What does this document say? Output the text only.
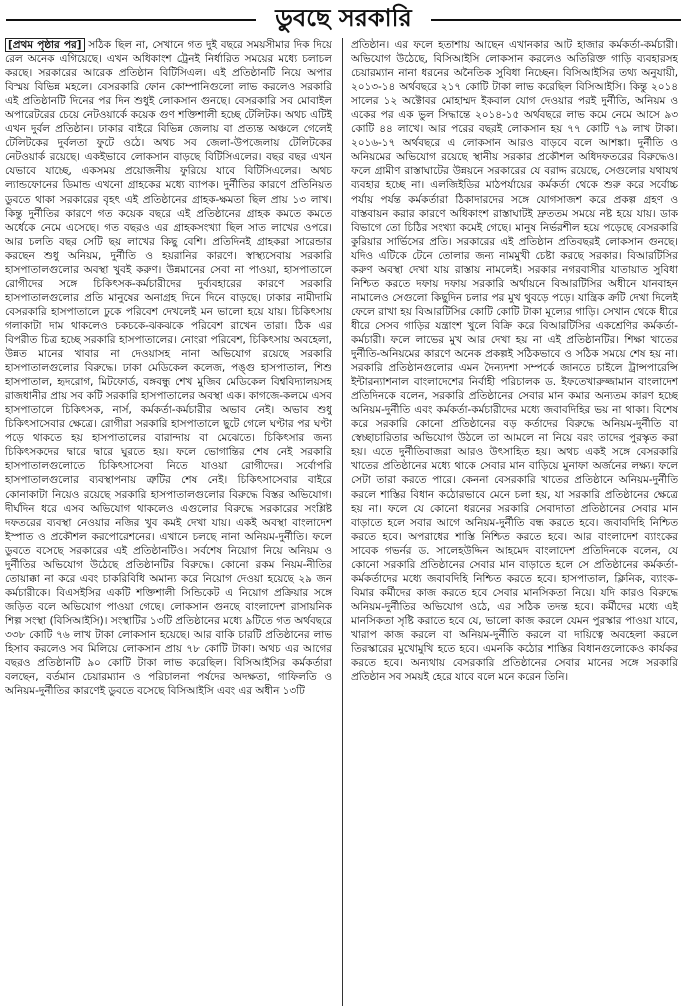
ডুবছে সরকারি

[প্রথম পৃষ্ঠার পর] সঠিক ছিল না, সেখানে গত দুই বছরে সময়সীমার দিক দিয়ে রেল অনেক এগিয়েছে। এখন অধিকাংশ ট্রেনই নির্ধারিত সময়ের মধ্যে চলাচল করছে। সরকারের আরেক প্রতিষ্ঠান বিটিসিএল। এই প্রতিষ্ঠানটি নিয়ে অপার বিস্ময় বিভিন্ন মহলে। বেসরকারি ফোন কোম্পানিগুলো লাভ করলেও সরকারি এই প্রতিষ্ঠানটি দিনের পর দিন শুধুই লোকসান গুনছে। বেসরকারি সব মোবাইল অপারেটরের চেয়ে নেটওয়ার্কে কয়েক গুণ শক্তিশালী হচ্ছে টেলিটক। অথচ এটিই এখন দুর্বল প্রতিষ্ঠান। ঢাকার বাইরে বিভিন্ন জেলায় বা প্রত্যন্ত অঞ্চলে গেলেই টেলিটকের দুর্বলতা ফুটে ওঠে। অথচ সব জেলা-উপজেলায় টেলিটকের নেটওয়ার্ক রয়েছে। একইভাবে লোকসান বাড়ছে বিটিসিএলের। বছর বছর এখন যেভাবে যাচ্ছে, একসময় প্রয়োজনীয় ফুরিয়ে যাবে বিটিসিএলের। অথচ ল্যান্ডফোনের ডিমান্ড এখনো গ্রাহকের মধ্যে ব্যাপক। দুর্নীতির কারণে প্রতিনিয়ত ডুবতে থাকা সরকারের বৃহৎ এই প্রতিষ্ঠানের গ্রাহক-ক্ষমতা ছিল প্রায় ১৩ লাখ। কিন্তু দুর্নীতির কারণে গত কয়েক বছরে এই প্রতিষ্ঠানের গ্রাহক কমতে কমতে অর্ধেকে নেমে এসেছে। গত বছরও এর গ্রাহকসংখ্যা ছিল সাত লাখের ওপরে। আর চলতি বছর সেটি ছয় লাখের কিছু বেশি। প্রতিদিনই গ্রাহকরা সারেন্ডার করছেন শুধু অনিয়ম, দুর্নীতি ও হয়রানির কারণে। স্বাস্থ্যসেবায় সরকারি হাসপাতালগুলোর অবস্থা খুবই করুণ। উন্নমানের সেবা না পাওয়া, হাসপাতালে রোগীদের সঙ্গে চিকিৎসক-কর্মচারীদের দুর্ব্যবহারের কারণে সরকারি হাসপাতালগুলোর প্রতি মানুষের অনাগ্রহ দিনে দিনে বাড়ছে। ঢাকার নামীদামি বেসরকারি হাসপাতালে ঢুকে পরিবেশ দেখলেই মন ভালো হয়ে যায়। চিকিৎসায় গলাকাটা দাম থাকলেও চকচকে-ঝকঝকে পরিবেশ রাখেন তারা। ঠিক এর বিপরীত চিত্র হচ্ছে সরকারি হাসপাতালের। নোংরা পরিবেশ, চিকিৎসায় অবহেলা, উন্নত মানের খাবার না দেওয়াসহ নানা অভিযোগ রয়েছে সরকারি হাসপাতালগুলোর বিরুদ্ধে। ঢাকা মেডিকেল কলেজ, পঙ্গু হাসপাতাল, শিশু হাসপাতাল, হৃদরোগ, মিটফোর্ড, বঙ্গবন্ধু শেখ মুজিব মেডিকেল বিশ্ববিদ্যালয়সহ রাজধানীর প্রায় সব কটি সরকারি হাসপাতালের অবস্থা এক। কাগজে-কলমে এসব হাসপাতালে চিকিৎসক, নার্স, কর্মকর্তা-কর্মচারীর অভাব নেই। অভাব শুধু চিকিৎসাসেবার ক্ষেত্রে। রোগীরা সরকারি হাসপাতালে ছুটে গেলে ঘণ্টার পর ঘণ্টা পড়ে থাকতে হয় হাসপাতালের বারান্দায় বা মেঝেতে। চিকিৎসার জন্য চিকিৎসকদের দ্বারে দ্বারে ঘুরতে হয়। ফলে ভোগান্তির শেষ নেই সরকারি হাসপাতালগুলোতে চিকিৎসাসেবা নিতে যাওয়া রোগীদের। সর্বোপরি হাসপাতালগুলোর ব্যবস্থাপনায় ত্রুটির শেষ নেই। চিকিৎসাসেবার বাইরে কোনাকাটা নিয়েও রয়েছে সরকারি হাসপাতালগুলোর বিরুদ্ধে বিস্তর অভিযোগ। দীর্ঘদিন ধরে এসব অভিযোগ থাকলেও এগুলোর বিরুদ্ধে সরকারের সংশ্লিষ্ট দফতরের ব্যবস্থা নেওয়ার নজির খুব কমই দেখা যায়। একই অবস্থা বাংলাদেশ ইস্পাত ও প্রকৌশল করপোরেশনের। এখানে চলছে নানা অনিয়ম-দুর্নীতি। ফলে ডুবতে বসেছে সরকারের এই প্রতিষ্ঠানটিও। সর্বশেষ নিয়োগ নিয়ে অনিয়ম ও দুর্নীতির অভিযোগ উঠেছে প্রতিষ্ঠানটির বিরুদ্ধে। কোনো রকম নিয়ম-নীতির তোয়াক্কা না করে এবং চাকরিবিধি অমান্য করে নিয়োগ দেওয়া হয়েছে ২৯ জন কর্মচারীকে। বিএসইসির একটি শক্তিশালী সিন্ডিকেট এ নিয়োগ প্রক্রিয়ার সঙ্গে জড়িত বলে অভিযোগ পাওয়া গেছে। লোকসান গুনছে বাংলাদেশ রাসায়নিক শিল্প সংস্থা (বিসিআইসি)। সংস্থাটির ১৩টি প্রতিষ্ঠানের মধ্যে ৯টিতে গত অর্থবছরে ৩৩৮ কোটি ৭৬ লাখ টাকা লোকসান হয়েছে। আর বাকি চারটি প্রতিষ্ঠানের লাভ হিসাব করলেও সব মিলিয়ে লোকসান প্রায় ৭৮ কোটি টাকা। অথচ এর আগের বছরও প্রতিষ্ঠানটি ৯০ কোটি টাকা লাভ করেছিল। বিসিআইসির কর্মকর্তারা বলছেন, বর্তমান চেয়ারম্যান ও পরিচালনা পর্ষদের অদক্ষতা, গাফিলতি ও অনিয়ম-দুর্নীতির কারণেই ডুবতে বসেছে বিসিআইসি এবং এর অধীন ১৩টি

প্রতিষ্ঠান। এর ফলে হতাশায় আছেন এখানকার আট হাজার কর্মকর্তা-কর্মচারী। অভিযোগ উঠেছে, বিসিআইসি লোকসান করলেও অতিরিক্ত গাড়ি ব্যবহারসহ চেয়ারম্যান নানা ধরনের অনৈতিক সুবিধা নিচ্ছেন। বিসিআইসির তথ্য অনুযায়ী, ২০১৩-১৪ অর্থবছরে ২১৭ কোটি টাকা লাভ করেছিল বিসিআইসি। কিন্তু ২০১৪ সালের ১২ অক্টোবর মোহাম্মদ ইকবাল যোগ দেওয়ার পরই দুর্নীতি, অনিয়ম ও একের পর এক ভুল সিদ্ধান্তে ২০১৪-১৫ অর্থবছরে লাভ কমে নেমে আসে ৯৩ কোটি ৪৪ লাখে। আর পরের বছরই লোকসান হয় ৭৭ কোটি ৭৯ লাখ টাকা। ২০১৬-১৭ অর্থবছরে এ লোকসান আরও বাড়বে বলে আশঙ্কা। দুর্নীতি ও অনিয়মের অভিযোগ রয়েছে স্থানীয় সরকার প্রকৌশল অধিদফতরের বিরুদ্ধেও। ফলে গ্রামীণ রাস্তাঘাটের উন্নয়নে সরকারের যে বরাদ্দ রয়েছে, সেগুলোর যথাযথ ব্যবহার হচ্ছে না। এলজিইডির মাঠপর্যায়ের কর্মকর্তা থেকে শুরু করে সর্বোচ্চ পর্যায় পর্যন্ত কর্মকর্তারা ঠিকাদারদের সঙ্গে যোগসাজশ করে প্রকল্প গ্রহণ ও বাস্তবায়ন করার কারণে অধিকাংশ রাস্তাঘাটই দ্রুততম সময়ে নষ্ট হয়ে যায়। ডাক বিভাগে তো চিঠির সংখ্যা কমেই গেছে। মানুষ নির্ভরশীল হয়ে পড়েছে বেসরকারি কুরিয়ার সার্ভিসের প্রতি। সরকারের এই প্রতিষ্ঠান প্রতিবছরই লোকসান গুনছে। যদিও এটিকে টেনে তোলার জন্য নামমুখী চেষ্টা করছে সরকার। বিআরটিসির করুণ অবস্থা দেখা যায় রাস্তায় নামলেই। সরকার নগরবাসীর যাতায়াত সুবিধা নিশ্চিত করতে দফায় দফায় সরকারি অর্থায়নে বিআরটিসির অধীনে যানবাহন নামালেও সেগুলো কিছুদিন চলার পর মুখ থুবড়ে পড়ে। যান্ত্রিক ক্রটি দেখা দিলেই ফেলে রাখা হয় বিআরটিসির কোটি কোটি টাকা মূল্যের গাড়ি। সেখান থেকে ধীরে ধীরে সেসব গাড়ির যন্ত্রাংশ খুলে বিক্রি করে বিআরটিসির একশ্রেণির কর্মকর্তা-কর্মচারী। ফলে লাভের মুখ আর দেখা হয় না এই প্রতিষ্ঠানটির। শিক্ষা খাতের দুর্নীতি-অনিয়মের কারণে অনেক প্রকল্পই সঠিকভাবে ও সঠিক সময়ে শেষ হয় না। সরকারি প্রতিষ্ঠানগুলোর এমন দৈন্যদশা সম্পর্কে জানতে চাইলে ট্রান্সপারেন্সি ইন্টারন্যাশনাল বাংলাদেশের নির্বাহী পরিচালক ড. ইফতেখারুজ্জামান বাংলাদেশ প্রতিদিনকে বলেন, সরকারি প্রতিষ্ঠানের সেবার মান কমার অন্যতম কারণ হচ্ছে অনিয়ম-দুর্নীতি এবং কর্মকর্তা-কর্মচারীদের মধ্যে জবাবদিহির ভয় না থাকা। বিশেষ করে সরকারি কোনো প্রতিষ্ঠানের বড় কর্তাদের বিরুদ্ধে অনিয়ম-দুর্নীতি বা স্বেচ্ছাচারিতার অভিযোগ উঠলে তা আমলে না নিয়ে বরং তাদের পুরস্কৃত করা হয়। এতে দুর্নীতিবাজরা আরও উৎসাহিত হয়। অথচ একই সঙ্গে বেসরকারি খাতের প্রতিষ্ঠানের মধ্যে থাকে সেবার মান বাড়িয়ে মুনাফা অর্জনের লক্ষ্য। ফলে সেটা তারা করতে পারে। কেননা বেসরকারি খাতের প্রতিষ্ঠানে অনিয়ম-দুর্নীতি করলে শাস্তির বিধান কঠোরভাবে মেনে চলা হয়, যা সরকারি প্রতিষ্ঠানের ক্ষেত্রে হয় না। ফলে যে কোনো ধরনের সরকারি সেবাদাতা প্রতিষ্ঠানের সেবার মান বাড়াতে হলে সবার আগে অনিয়ম-দুর্নীতি বন্ধ করতে হবে। জবাবদিহি নিশ্চিত করতে হবে। অপরাধের শাস্তি নিশ্চিত করতে হবে। আর বাংলাদেশ ব্যাংকের সাবেক গভর্নর ড. সালেহউদ্দিন আহমেদ বাংলাদেশ প্রতিদিনকে বলেন, যে কোনো সরকারি প্রতিষ্ঠানের সেবার মান বাড়াতে হলে সে প্রতিষ্ঠানের কর্মকর্তা-কর্মকর্তাদের মধ্যে জবাবদিহি নিশ্চিত করতে হবে। হাসপাতাল, ক্লিনিক, ব্যাংক-বিমার কর্মীদের কাজ করতে হবে সেবার মানসিকতা নিয়ে। যদি কারও বিরুদ্ধে অনিয়ম-দুর্নীতির অভিযোগ ওঠে, এর সঠিক তদন্ত হবে। কর্মীদের মধ্যে এই মানসিকতা সৃষ্টি করাতে হবে যে, ভালো কাজ করলে যেমন পুরস্কার পাওয়া যাবে, খারাপ কাজ করলে বা অনিয়ম-দুর্নীতি করলে বা দায়িত্বে অবহেলা করলে তিরস্কারের মুখোমুখি হতে হবে। এমনকি কঠোর শাস্তির বিধানগুলোকেও কার্যকর করতে হবে। অন্যথায় বেসরকারি প্রতিষ্ঠানের সেবার মানের সঙ্গে সরকারি প্রতিষ্ঠান সব সময়ই হেরে যাবে বলে মনে করেন তিনি।
